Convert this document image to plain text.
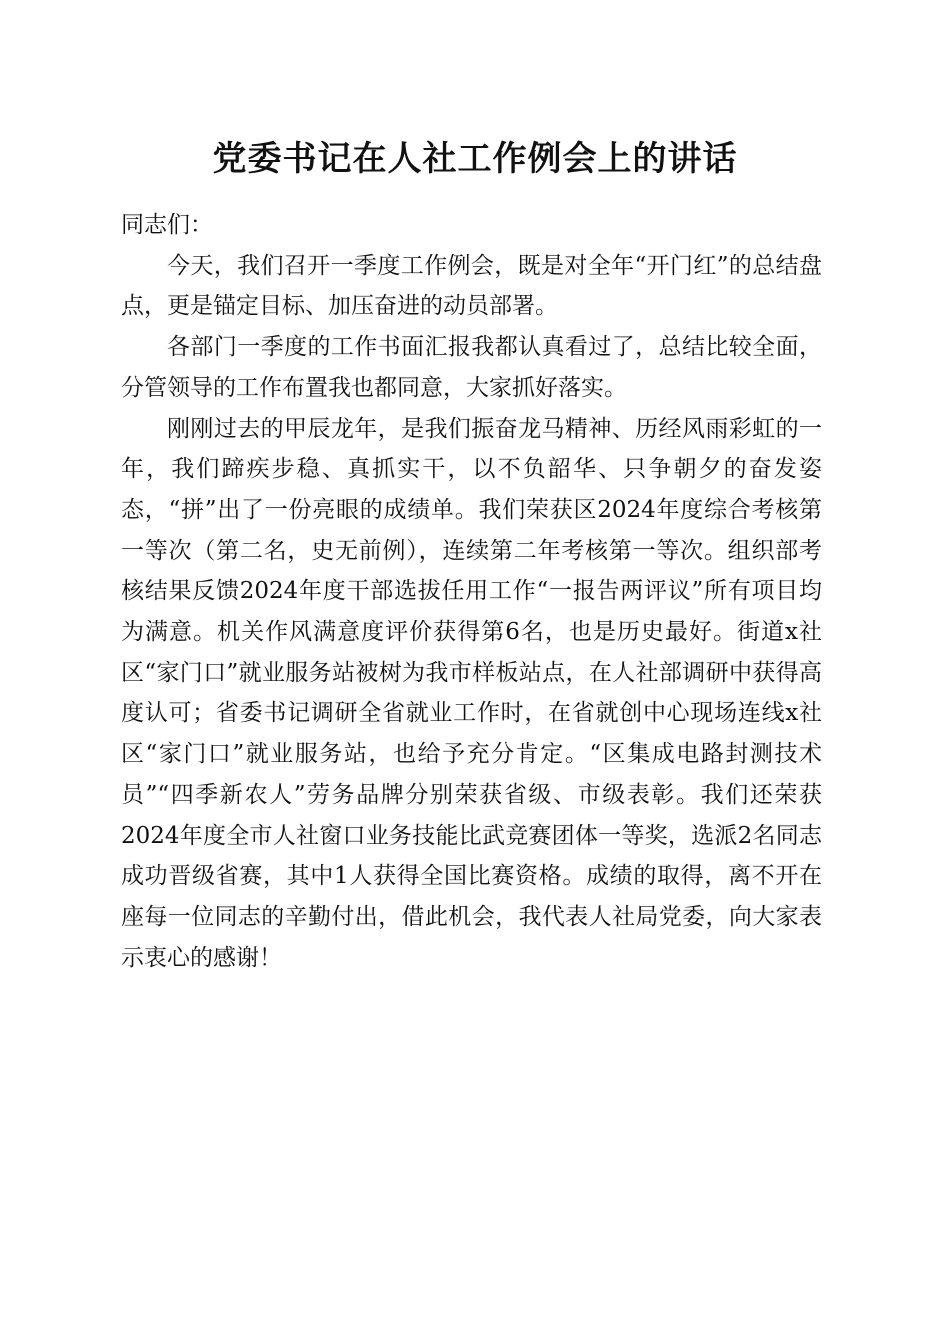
党委书记在人社工作例会上的讲话

同志们：

今天，我们召开一季度工作例会，既是对全年“开门红”的总结盘点，更是锚定目标、加压奋进的动员部署。

各部门一季度的工作书面汇报我都认真看过了，总结比较全面，分管领导的工作布置我也都同意，大家抓好落实。

刚刚过去的甲辰龙年，是我们振奋龙马精神、历经风雨彩虹的一年，我们蹄疾步稳、真抓实干，以不负韶华、只争朝夕的奋发姿态，“拼”出了一份亮眼的成绩单。我们荣获区2024年度综合考核第一等次（第二名，史无前例），连续第二年考核第一等次。组织部考核结果反馈2024年度干部选拔任用工作“一报告两评议”所有项目均为满意。机关作风满意度评价获得第6名，也是历史最好。街道x社区“家门口”就业服务站被树为我市样板站点，在人社部调研中获得高度认可；省委书记调研全省就业工作时，在省就创中心现场连线x社区“家门口”就业服务站，也给予充分肯定。“区集成电路封测技术员”“四季新农人”劳务品牌分别荣获省级、市级表彰。我们还荣获2024年度全市人社窗口业务技能比武竞赛团体一等奖，选派2名同志成功晋级省赛，其中1人获得全国比赛资格。成绩的取得，离不开在座每一位同志的辛勤付出，借此机会，我代表人社局党委，向大家表示衷心的感谢！
